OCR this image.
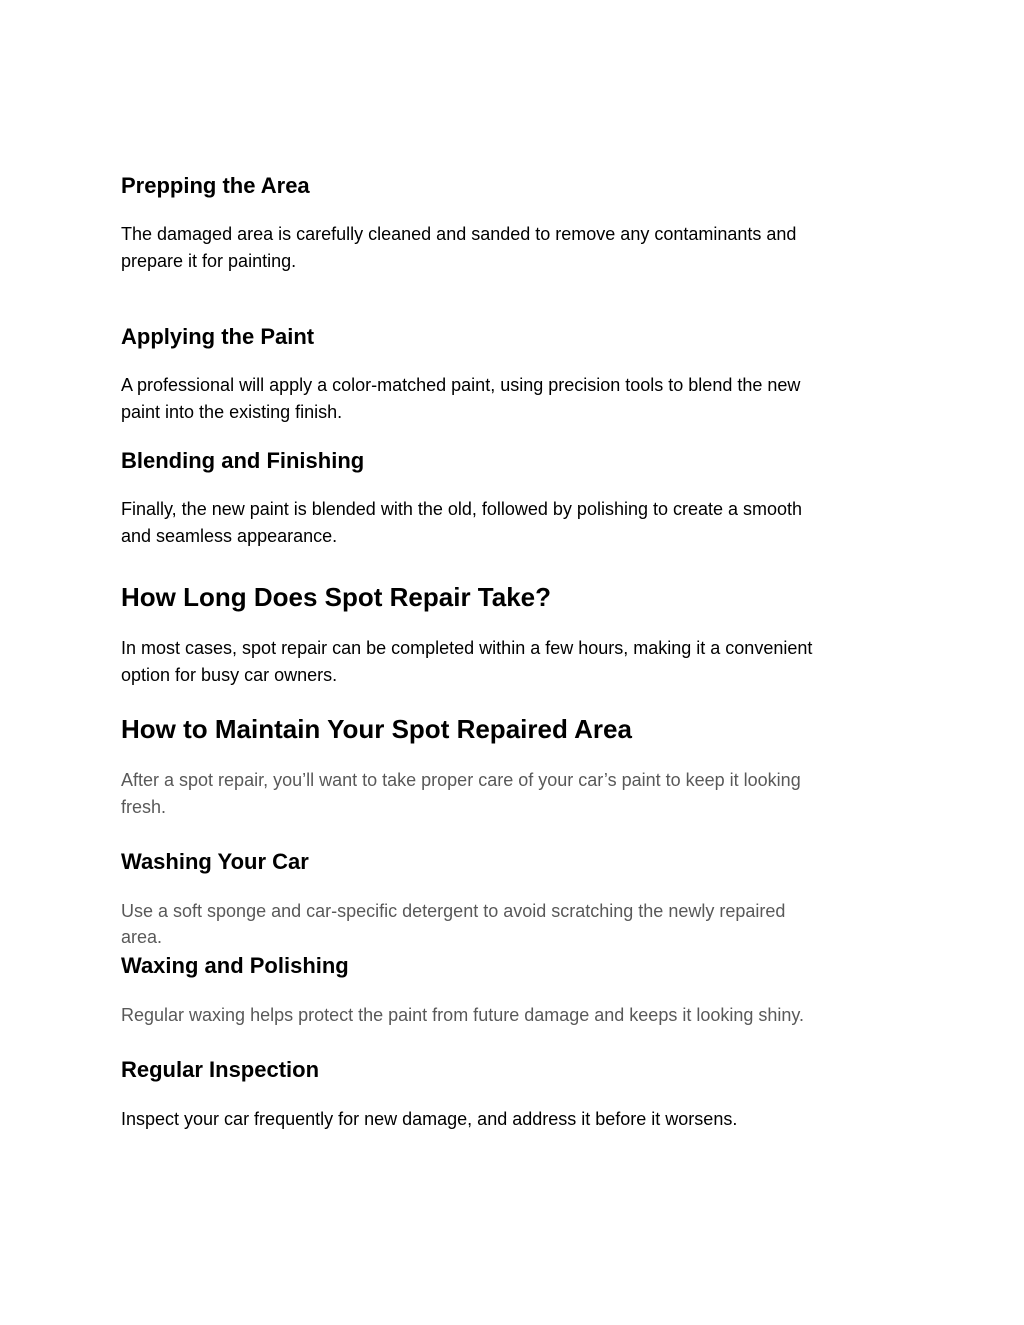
Prepping the Area

The damaged area is carefully cleaned and sanded to remove any contaminants and

prepare it for painting.

Applying the Paint

A professional will apply a color-matched paint, using precision tools to blend the new

paint into the existing finish.

Blending and Finishing

Finally, the new paint is blended with the old, followed by polishing to create a smooth

and seamless appearance.

How Long Does Spot Repair Take?

In most cases, spot repair can be completed within a few hours, making it a convenient

option for busy car owners.

How to Maintain Your Spot Repaired Area

After a spot repair, you’ll want to take proper care of your car’s paint to keep it looking

fresh.

Washing Your Car

Use a soft sponge and car-specific detergent to avoid scratching the newly repaired

area.

Waxing and Polishing

Regular waxing helps protect the paint from future damage and keeps it looking shiny.

Regular Inspection

Inspect your car frequently for new damage, and address it before it worsens.
